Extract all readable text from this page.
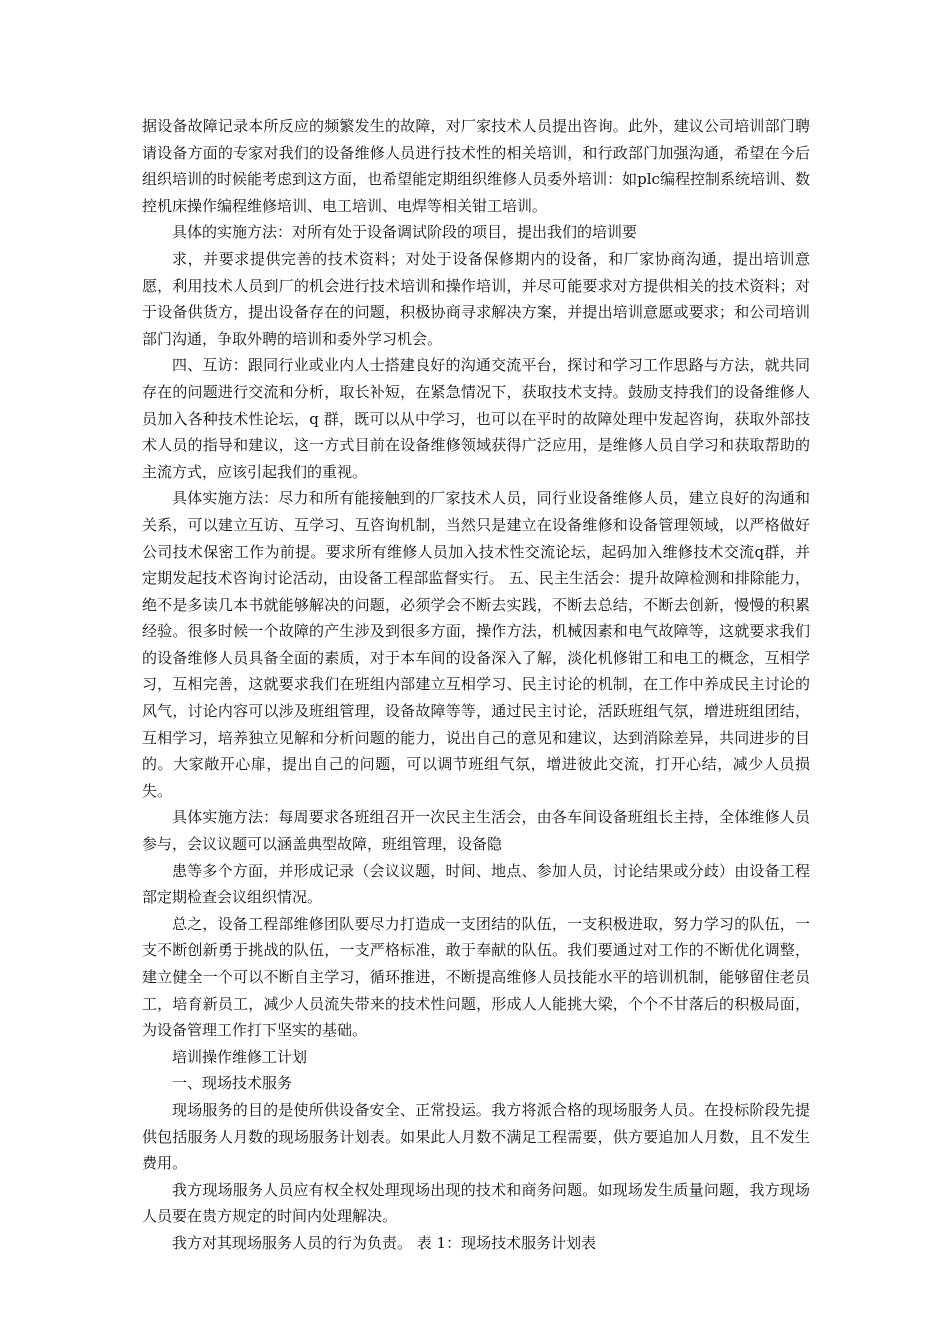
据设备故障记录本所反应的频繁发生的故障，对厂家技术人员提出咨询。此外，建议公司培训部门聘请设备方面的专家对我们的设备维修人员进行技术性的相关培训，和行政部门加强沟通，希望在今后组织培训的时候能考虑到这方面，也希望能定期组织维修人员委外培训：如plc编程控制系统培训、数控机床操作编程维修培训、电工培训、电焊等相关钳工培训。

具体的实施方法：对所有处于设备调试阶段的项目，提出我们的培训要

求，并要求提供完善的技术资料；对处于设备保修期内的设备，和厂家协商沟通，提出培训意愿，利用技术人员到厂的机会进行技术培训和操作培训，并尽可能要求对方提供相关的技术资料；对于设备供货方，提出设备存在的问题，积极协商寻求解决方案，并提出培训意愿或要求；和公司培训部门沟通，争取外聘的培训和委外学习机会。

四、互访：跟同行业或业内人士搭建良好的沟通交流平台，探讨和学习工作思路与方法，就共同存在的问题进行交流和分析，取长补短，在紧急情况下，获取技术支持。鼓励支持我们的设备维修人员加入各种技术性论坛，q 群，既可以从中学习，也可以在平时的故障处理中发起咨询，获取外部技术人员的指导和建议，这一方式目前在设备维修领域获得广泛应用，是维修人员自学习和获取帮助的主流方式，应该引起我们的重视。

具体实施方法：尽力和所有能接触到的厂家技术人员，同行业设备维修人员，建立良好的沟通和关系，可以建立互访、互学习、互咨询机制，当然只是建立在设备维修和设备管理领域，以严格做好公司技术保密工作为前提。要求所有维修人员加入技术性交流论坛，起码加入维修技术交流q群，并定期发起技术咨询讨论活动，由设备工程部监督实行。 五、民主生活会：提升故障检测和排除能力，绝不是多读几本书就能够解决的问题，必须学会不断去实践，不断去总结，不断去创新，慢慢的积累经验。很多时候一个故障的产生涉及到很多方面，操作方法，机械因素和电气故障等，这就要求我们的设备维修人员具备全面的素质，对于本车间的设备深入了解，淡化机修钳工和电工的概念，互相学习，互相完善，这就要求我们在班组内部建立互相学习、民主讨论的机制，在工作中养成民主讨论的风气，讨论内容可以涉及班组管理，设备故障等等，通过民主讨论，活跃班组气氛，增进班组团结，互相学习，培养独立见解和分析问题的能力，说出自己的意见和建议，达到消除差异，共同进步的目的。大家敞开心扉，提出自己的问题，可以调节班组气氛，增进彼此交流，打开心结，减少人员损失。

具体实施方法：每周要求各班组召开一次民主生活会，由各车间设备班组长主持，全体维修人员参与，会议议题可以涵盖典型故障，班组管理，设备隐

患等多个方面，并形成记录（会议议题，时间、地点、参加人员，讨论结果或分歧）由设备工程部定期检查会议组织情况。

总之，设备工程部维修团队要尽力打造成一支团结的队伍，一支积极进取，努力学习的队伍，一支不断创新勇于挑战的队伍，一支严格标准，敢于奉献的队伍。我们要通过对工作的不断优化调整，建立健全一个可以不断自主学习，循环推进，不断提高维修人员技能水平的培训机制，能够留住老员工，培育新员工，减少人员流失带来的技术性问题，形成人人能挑大梁，个个不甘落后的积极局面，为设备管理工作打下坚实的基础。

培训操作维修工计划

一、现场技术服务

现场服务的目的是使所供设备安全、正常投运。我方将派合格的现场服务人员。在投标阶段先提供包括服务人月数的现场服务计划表。如果此人月数不满足工程需要，供方要追加人月数，且不发生费用。

我方现场服务人员应有权全权处理现场出现的技术和商务问题。如现场发生质量问题，我方现场人员要在贵方规定的时间内处理解决。

我方对其现场服务人员的行为负责。 表 1：现场技术服务计划表
